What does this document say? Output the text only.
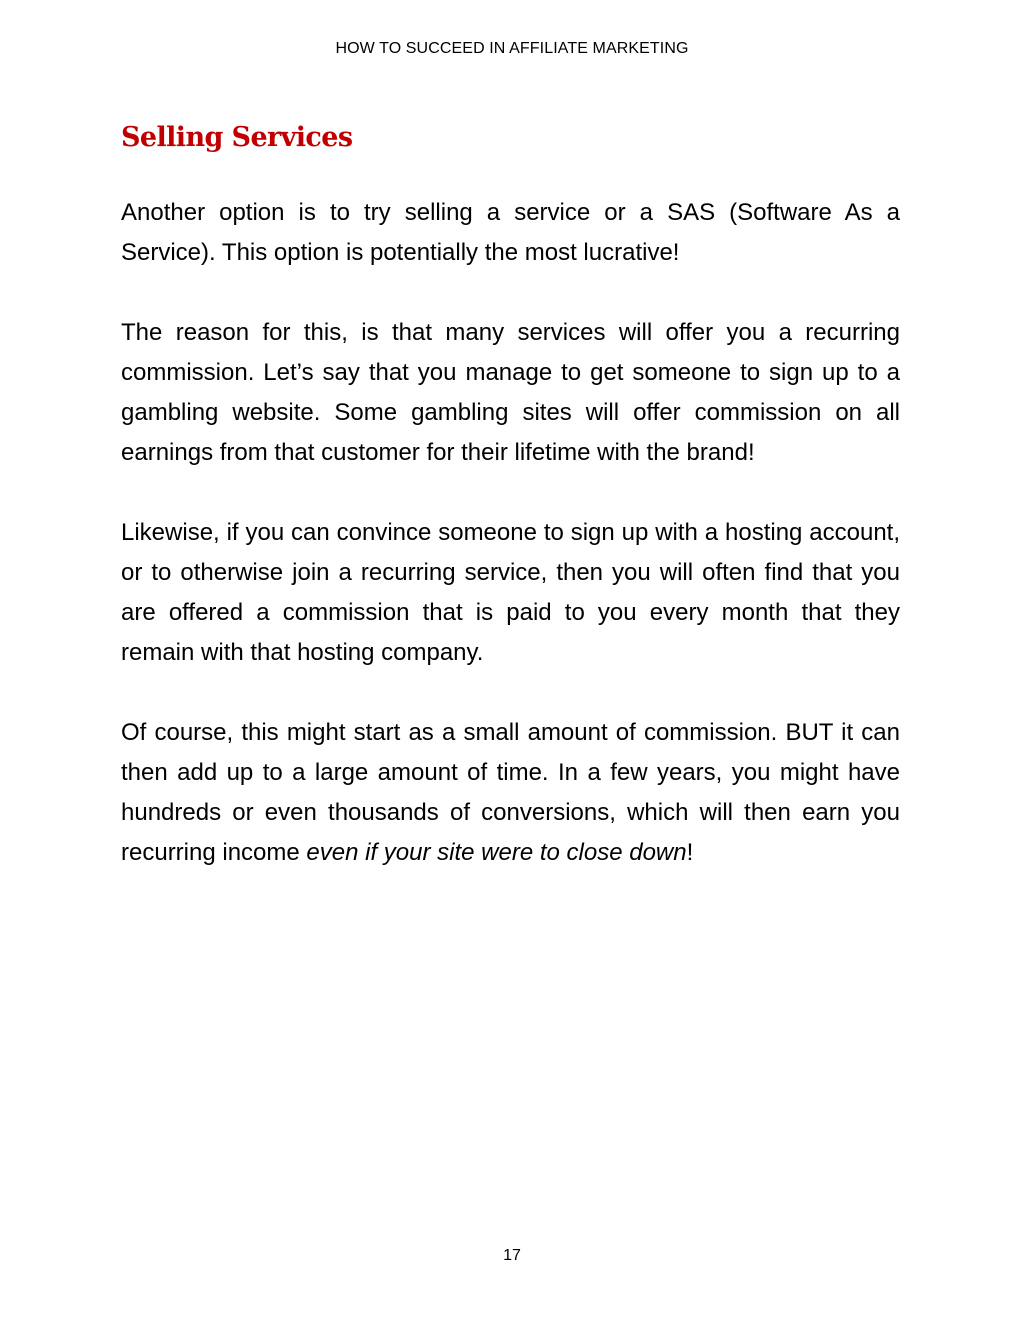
HOW TO SUCCEED IN AFFILIATE MARKETING
Selling Services

Another option is to try selling a service or a SAS (Software As a Service). This option is potentially the most lucrative!

The reason for this, is that many services will offer you a recurring commission. Let’s say that you manage to get someone to sign up to a gambling website. Some gambling sites will offer commission on all earnings from that customer for their lifetime with the brand!

Likewise, if you can convince someone to sign up with a hosting account, or to otherwise join a recurring service, then you will often find that you are offered a commission that is paid to you every month that they remain with that hosting company.

Of course, this might start as a small amount of commission. BUT it can then add up to a large amount of time. In a few years, you might have hundreds or even thousands of conversions, which will then earn you recurring income even if your site were to close down!

17
